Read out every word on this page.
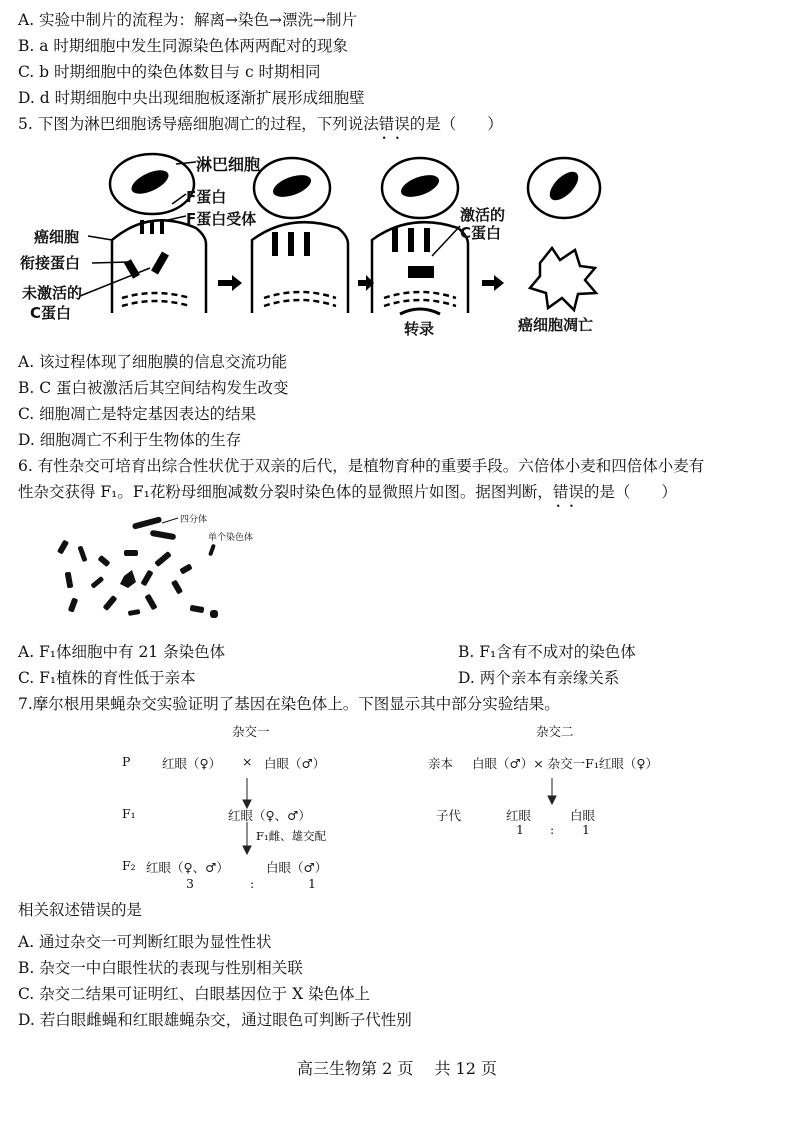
A. 实验中制片的流程为：解离→染色→漂洗→制片
B. a 时期细胞中发生同源染色体两两配对的现象
C. b 时期细胞中的染色体数目与 c 时期相同
D. d 时期细胞中央出现细胞板逐渐扩展形成细胞壁
5. 下图为淋巴细胞诱导癌细胞凋亡的过程，下列说法错误 • •的是（　　）
淋巴细胞
F蛋白
F蛋白受体
癌细胞
衔接蛋白
未激活的
C蛋白
激活的
C蛋白
转录	癌细胞凋亡
A. 该过程体现了细胞膜的信息交流功能
B. C 蛋白被激活后其空间结构发生改变
C. 细胞凋亡是特定基因表达的结果
D. 细胞凋亡不利于生物体的生存
6. 有性杂交可培育出综合性状优于双亲的后代，是植物育种的重要手段。六倍体小麦和四倍体小麦有
性杂交获得 F₁。F₁花粉母细胞减数分裂时染色体的显微照片如图。据图判断，错误 • •的是（　　）
四分体
单个染色体
A. F₁体细胞中有 21 条染色体	B. F₁含有不成对的染色体
C. F₁植株的育性低于亲本	D. 两个亲本有亲缘关系
7.摩尔根用果蝇杂交实验证明了基因在染色体上。下图显示其中部分实验结果。
杂交一
P	红眼（♀） × 白眼（♂）
F₁	红眼（♀、♂）
F₁雌、雄交配
F₂ 红眼（♀、♂）	白眼（♂）
3	:	1
杂交二
亲本 白眼（♂）× 杂交一F₁红眼（♀）
子代	红眼	白眼
1 : 1
相关叙述错误的是
A. 通过杂交一可判断红眼为显性性状
B. 杂交一中白眼性状的表现与性别相关联
C. 杂交二结果可证明红、白眼基因位于 X 染色体上
D. 若白眼雌蝇和红眼雄蝇杂交，通过眼色可判断子代性别
高三生物第 2 页　 共 12 页
